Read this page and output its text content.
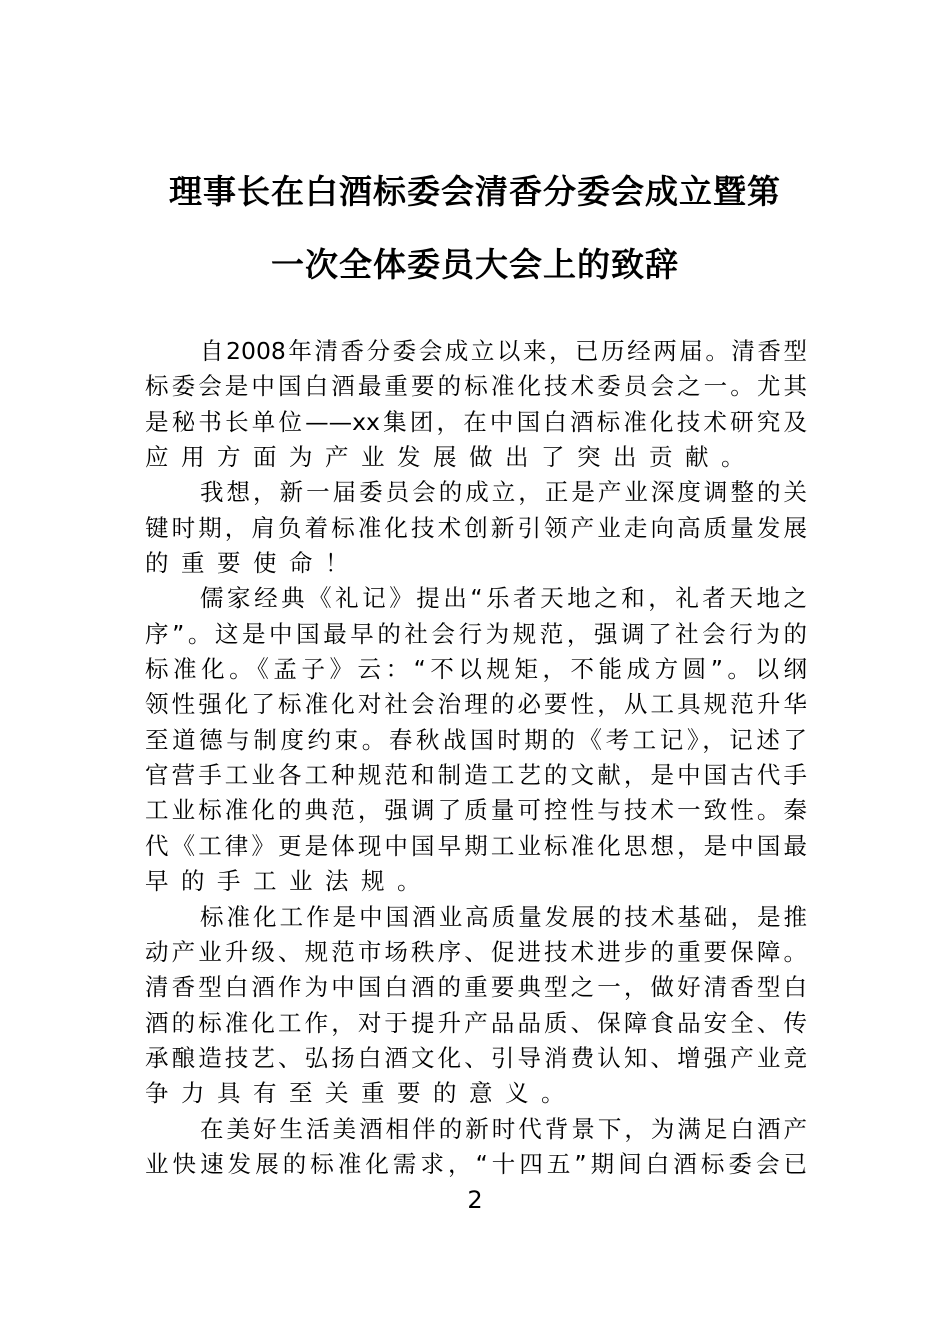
理事长在白酒标委会清香分委会成立暨第
一次全体委员大会上的致辞
自2008年清香分委会成立以来，已历经两届。清香型
标委会是中国白酒最重要的标准化技术委员会之一。尤其
是秘书长单位——xx集团，在中国白酒标准化技术研究及
应用方面为产业发展做出了突出贡献。
我想，新一届委员会的成立，正是产业深度调整的关
键时期，肩负着标准化技术创新引领产业走向高质量发展
的重要使命！
儒家经典《礼记》提出“乐者天地之和，礼者天地之
序”。这是中国最早的社会行为规范，强调了社会行为的
标准化。《孟子》云：“不以规矩，不能成方圆”。以纲
领性强化了标准化对社会治理的必要性，从工具规范升华
至道德与制度约束。春秋战国时期的《考工记》，记述了
官营手工业各工种规范和制造工艺的文献，是中国古代手
工业标准化的典范，强调了质量可控性与技术一致性。秦
代《工律》更是体现中国早期工业标准化思想，是中国最
早的手工业法规。
标准化工作是中国酒业高质量发展的技术基础，是推
动产业升级、规范市场秩序、促进技术进步的重要保障。
清香型白酒作为中国白酒的重要典型之一，做好清香型白
酒的标准化工作，对于提升产品品质、保障食品安全、传
承酿造技艺、弘扬白酒文化、引导消费认知、增强产业竞
争力具有至关重要的意义。
在美好生活美酒相伴的新时代背景下，为满足白酒产
业快速发展的标准化需求，“十四五”期间白酒标委会已
2
